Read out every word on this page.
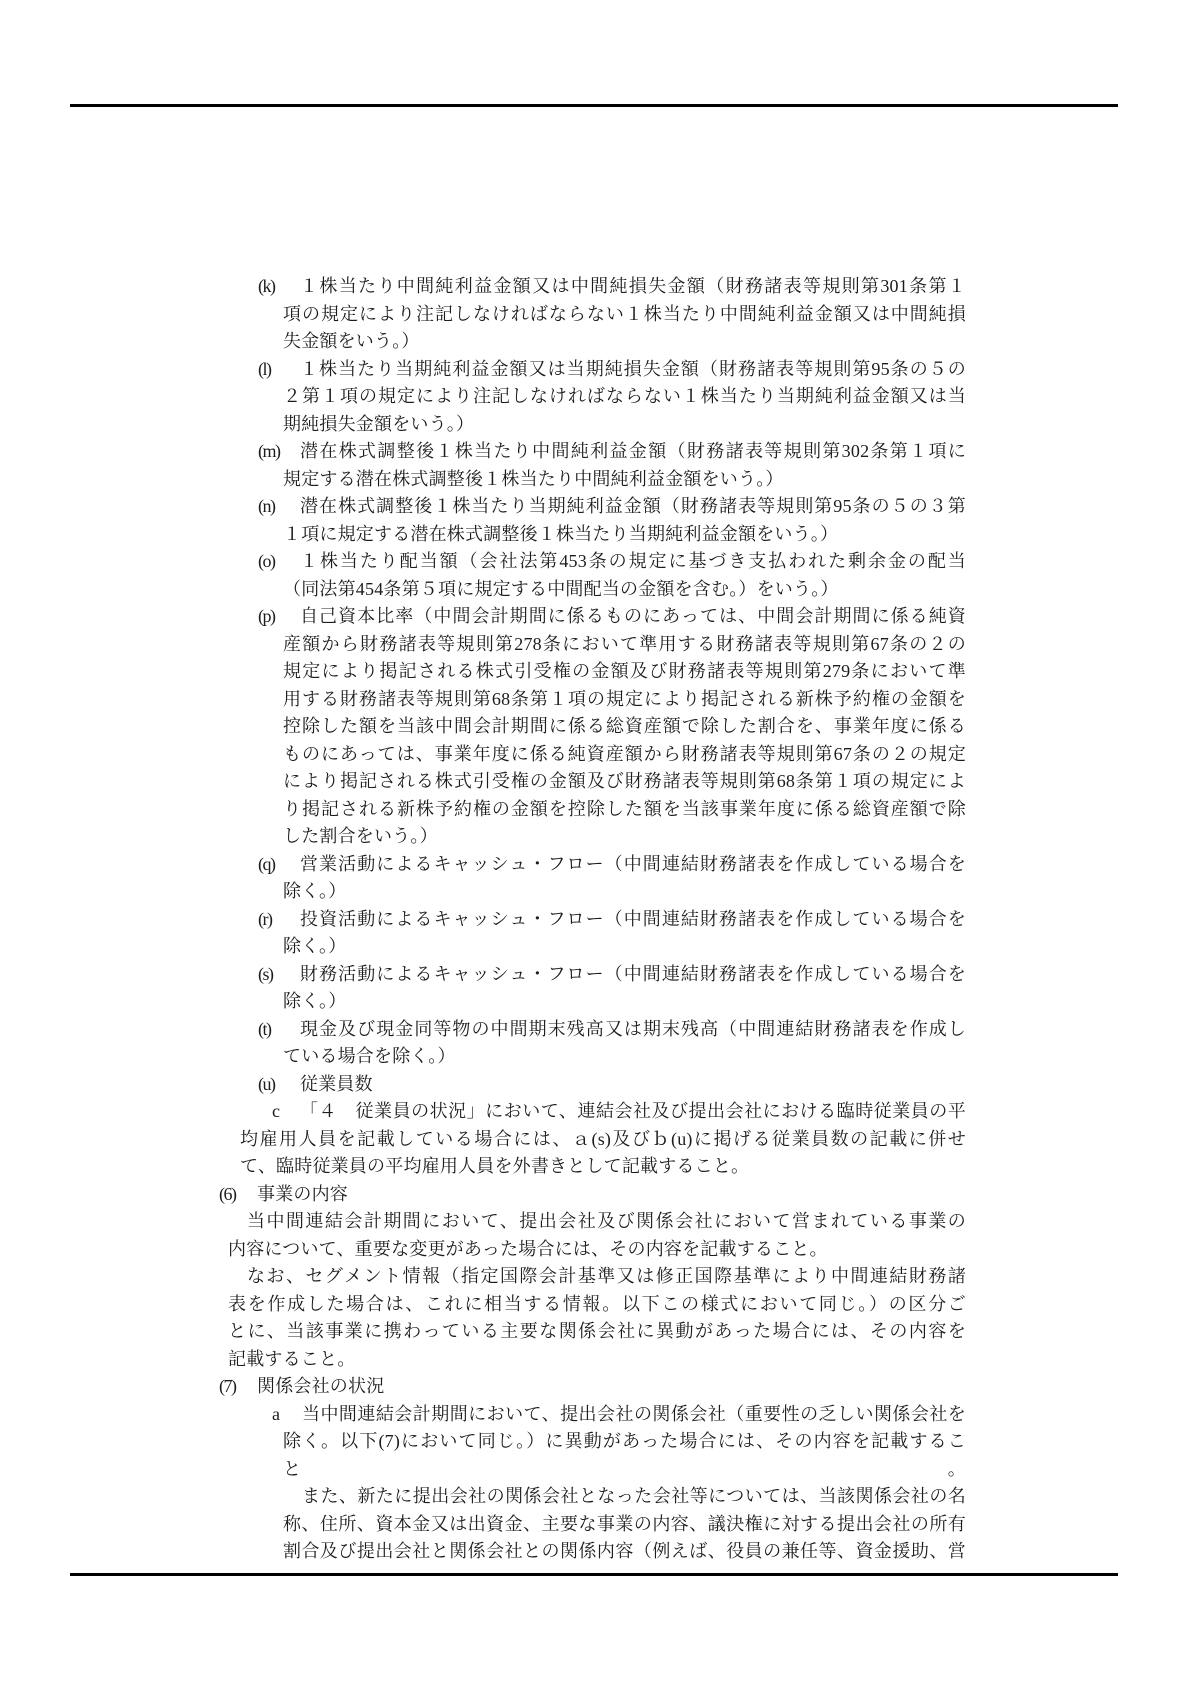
(k) １株当たり中間純利益金額又は中間純損失金額（財務諸表等規則第301条第１
項の規定により注記しなければならない１株当たり中間純利益金額又は中間純損
失金額をいう。）
(l) １株当たり当期純利益金額又は当期純損失金額（財務諸表等規則第95条の５の
２第１項の規定により注記しなければならない１株当たり当期純利益金額又は当
期純損失金額をいう。）
(m) 潜在株式調整後１株当たり中間純利益金額（財務諸表等規則第302条第１項に
規定する潜在株式調整後１株当たり中間純利益金額をいう。）
(n) 潜在株式調整後１株当たり当期純利益金額（財務諸表等規則第95条の５の３第
１項に規定する潜在株式調整後１株当たり当期純利益金額をいう。）
(o) １株当たり配当額（会社法第453条の規定に基づき支払われた剰余金の配当
（同法第454条第５項に規定する中間配当の金額を含む。）をいう。）
(p) 自己資本比率（中間会計期間に係るものにあっては、中間会計期間に係る純資
産額から財務諸表等規則第278条において準用する財務諸表等規則第67条の２の
規定により掲記される株式引受権の金額及び財務諸表等規則第279条において準
用する財務諸表等規則第68条第１項の規定により掲記される新株予約権の金額を
控除した額を当該中間会計期間に係る総資産額で除した割合を、事業年度に係る
ものにあっては、事業年度に係る純資産額から財務諸表等規則第67条の２の規定
により掲記される株式引受権の金額及び財務諸表等規則第68条第１項の規定によ
り掲記される新株予約権の金額を控除した額を当該事業年度に係る総資産額で除
した割合をいう。）
(q) 営業活動によるキャッシュ・フロー（中間連結財務諸表を作成している場合を
除く。）
(r) 投資活動によるキャッシュ・フロー（中間連結財務諸表を作成している場合を
除く。）
(s) 財務活動によるキャッシュ・フロー（中間連結財務諸表を作成している場合を
除く。）
(t) 現金及び現金同等物の中間期末残高又は期末残高（中間連結財務諸表を作成し
ている場合を除く。）
(u) 従業員数
c 「４　従業員の状況」において、連結会社及び提出会社における臨時従業員の平
均雇用人員を記載している場合には、ａ(s)及びｂ(u)に掲げる従業員数の記載に併せ
て、臨時従業員の平均雇用人員を外書きとして記載すること。
(6) 事業の内容
当中間連結会計期間において、提出会社及び関係会社において営まれている事業の
内容について、重要な変更があった場合には、その内容を記載すること。
なお、セグメント情報（指定国際会計基準又は修正国際基準により中間連結財務諸
表を作成した場合は、これに相当する情報。以下この様式において同じ。）の区分ご
とに、当該事業に携わっている主要な関係会社に異動があった場合には、その内容を
記載すること。
(7) 関係会社の状況
a 当中間連結会計期間において、提出会社の関係会社（重要性の乏しい関係会社を
除く。以下(7)において同じ。）に異動があった場合には、その内容を記載すること。
また、新たに提出会社の関係会社となった会社等については、当該関係会社の名
称、住所、資本金又は出資金、主要な事業の内容、議決権に対する提出会社の所有
割合及び提出会社と関係会社との関係内容（例えば、役員の兼任等、資金援助、営
